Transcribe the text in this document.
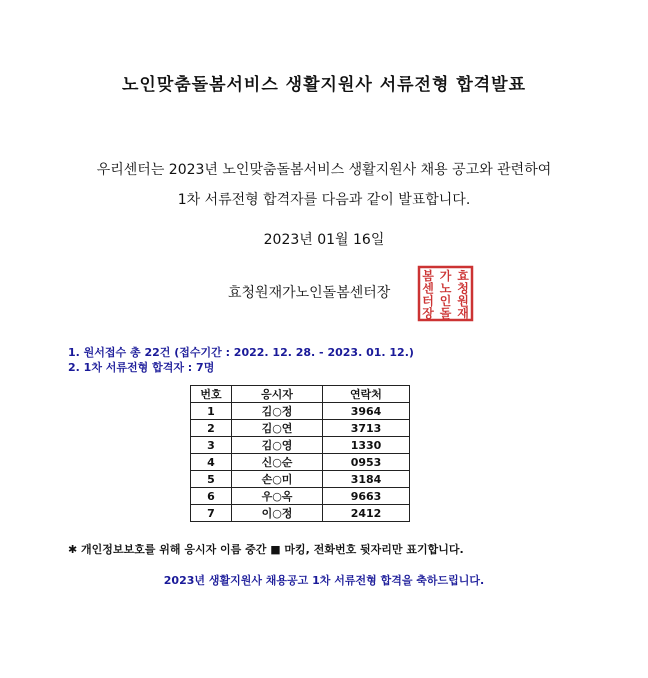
노인맞춤돌봄서비스 생활지원사 서류전형 합격발표
우리센터는 2023년 노인맞춤돌봄서비스 생활지원사 채용 공고와 관련하여
1차 서류전형 합격자를 다음과 같이 발표합니다.
2023년 01월 16일
효청원재가노인돌봄센터장
효
청
원
재
가
노
인
돌
봄
센
터
장
1. 원서접수 총 22건 (접수기간 : 2022. 12. 28. - 2023. 01. 12.)
2. 1차 서류전형 합격자 : 7명
번호	응시자	연락처
1	김○정	3964
2	김○연	3713
3	김○영	1330
4	신○순	0953
5	손○미	3184
6	우○옥	9663
7	이○정	2412
✱ 개인정보보호를 위해 응시자 이름 중간 ■ 마킹, 전화번호 뒷자리만 표기합니다.
2023년 생활지원사 채용공고 1차 서류전형 합격을 축하드립니다.
